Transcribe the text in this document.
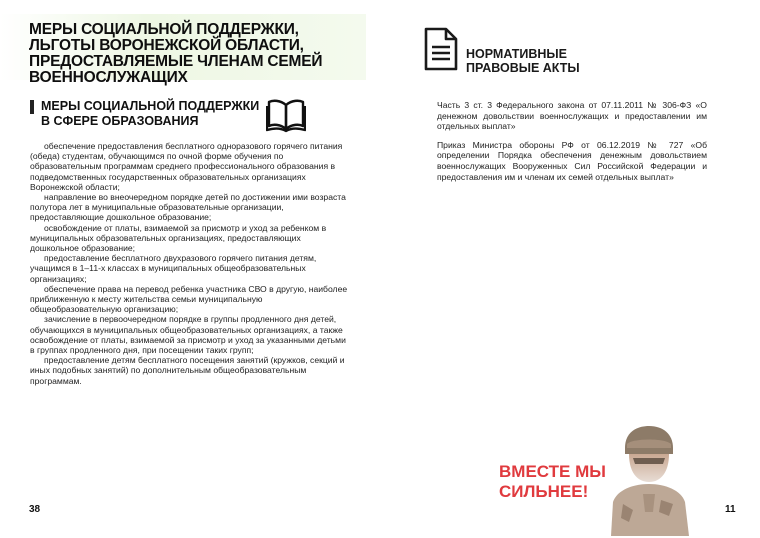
МЕРЫ СОЦИАЛЬНОЙ ПОДДЕРЖКИ, ЛЬГОТЫ ВОРОНЕЖСКОЙ ОБЛАСТИ, ПРЕДОСТАВЛЯЕМЫЕ ЧЛЕНАМ СЕМЕЙ ВОЕННОСЛУЖАЩИХ
МЕРЫ СОЦИАЛЬНОЙ ПОДДЕРЖКИ В СФЕРЕ ОБРАЗОВАНИЯ

обеспечение предоставления бесплатного одноразового горячего питания (обеда) студентам, обучающимся по очной форме обучения по образовательным программам среднего профессионального образования в подведомственных государственных образовательных организациях Воронежской области;

направление во внеочередном порядке детей по достижении ими возраста полутора лет в муниципальные образовательные организации, предоставляющие дошкольное образование;

освобождение от платы, взимаемой за присмотр и уход за ребенком в муниципальных образовательных организациях, предоставляющих дошкольное образование;

предоставление бесплатного двухразового горячего питания детям, учащимся в 1–11-х классах в муниципальных общеобразовательных организациях;

обеспечение права на перевод ребенка участника СВО в другую, наиболее приближенную к месту жительства семьи муниципальную общеобразовательную организацию;

зачисление в первоочередном порядке в группы продленного дня детей, обучающихся в муниципальных общеобразовательных организациях, а также освобождение от платы, взимаемой за присмотр и уход за указанными детьми в группах продленного дня, при посещении таких групп;

предоставление детям бесплатного посещения занятий (кружков, секций и иных подобных занятий) по дополнительным общеобразовательным программам.

38
НОРМАТИВНЫЕ ПРАВОВЫЕ АКТЫ

Часть 3 ст. 3 Федерального закона от 07.11.2011 № 306-ФЗ «О денежном довольствии военнослужащих и предоставлении им отдельных выплат»

Приказ Министра обороны РФ от 06.12.2019 № 727 «Об определении Порядка обеспечения денежным довольствием военнослужащих Вооруженных Сил Российской Федерации и предоставления им и членам их семей отдельных выплат»

ВМЕСТЕ МЫ СИЛЬНЕЕ!
11
